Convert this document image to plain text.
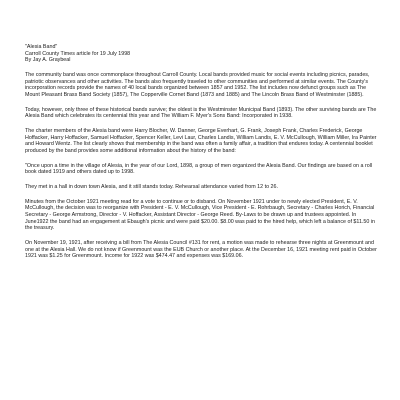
"Alesia Band"

Carroll County Times article for 19 July 1998

By Jay A. Graybeal

The community band was once commonplace throughout Carroll County. Local bands provided music for social events including picnics, parades, patriotic observances and other activities. The bands also frequently traveled to other communities and performed at similar events. The County's incorporation records provide the names of 40 local bands organized between 1857 and 1952. The list includes now defunct groups such as The Mount Pleasant Brass Band Society (1857), The Copperville Cornet Band (1873 and 1885) and The Lincoln Brass Band of Westminster (1885).

Today, however, only three of these historical bands survive; the oldest is the Westminster Municipal Band (1893). The other surviving bands are The Alesia Band which celebrates its centennial this year and The William F. Myer's Sons Band: Incorporated in 1938.

The charter members of the Alesia band were Harry Blocher, W. Danner, George Everhart, G. Frank, Joseph Frank, Charles Frederick, George Hoffacker, Harry Hoffacker, Samuel Hoffacker, Spencer Keller, Levi Laur, Charles Landis, William Landis, E. V. McCullough, William Miller, Ira Painter and Howard Wentz. The list clearly shows that membership in the band was often a family affair, a tradition that endures today. A centennial booklet produced by the band provides some additional information about the history of the band:

"Once upon a time in the village of Alesia, in the year of our Lord, 1898, a group of men organized the Alesia Band. Our findings are based on a roll book dated 1919 and others dated up to 1998.

They met in a hall in down town Alesia, and it still stands today. Rehearsal attendance varied from 12 to 26.

Minutes from the October 1921 meeting read for a vote to continue or to disband. On November 1921 under to newly elected President, E. V. McCullough, the decision was to reorganize with President - E. V. McCullough, Vice President - E. Rohrbaugh, Secretary - Charles Horich, Financial Secretary - George Armstrong, Director - V. Hoffacker, Assistant Director - George Reed. By-Laws to be drawn up and trustees appointed. In June1922 the band had an engagement at Ebaugh's picnic and were paid $20.00. $8.00 was paid to the hired help, which left a balance of $11.50 in the treasury.

On November 19, 1921, after receiving a bill from The Alesia Council #131 for rent, a motion was made to rehearse three nights at Greenmount and one at the Alesia Hall. We do not know if Greenmount was the EUB Church or another place. At the December 16, 1921 meeting rent paid in October 1921 was $1.25 for Greenmount. Income for 1922 was $474.47 and expenses was $169.06.
